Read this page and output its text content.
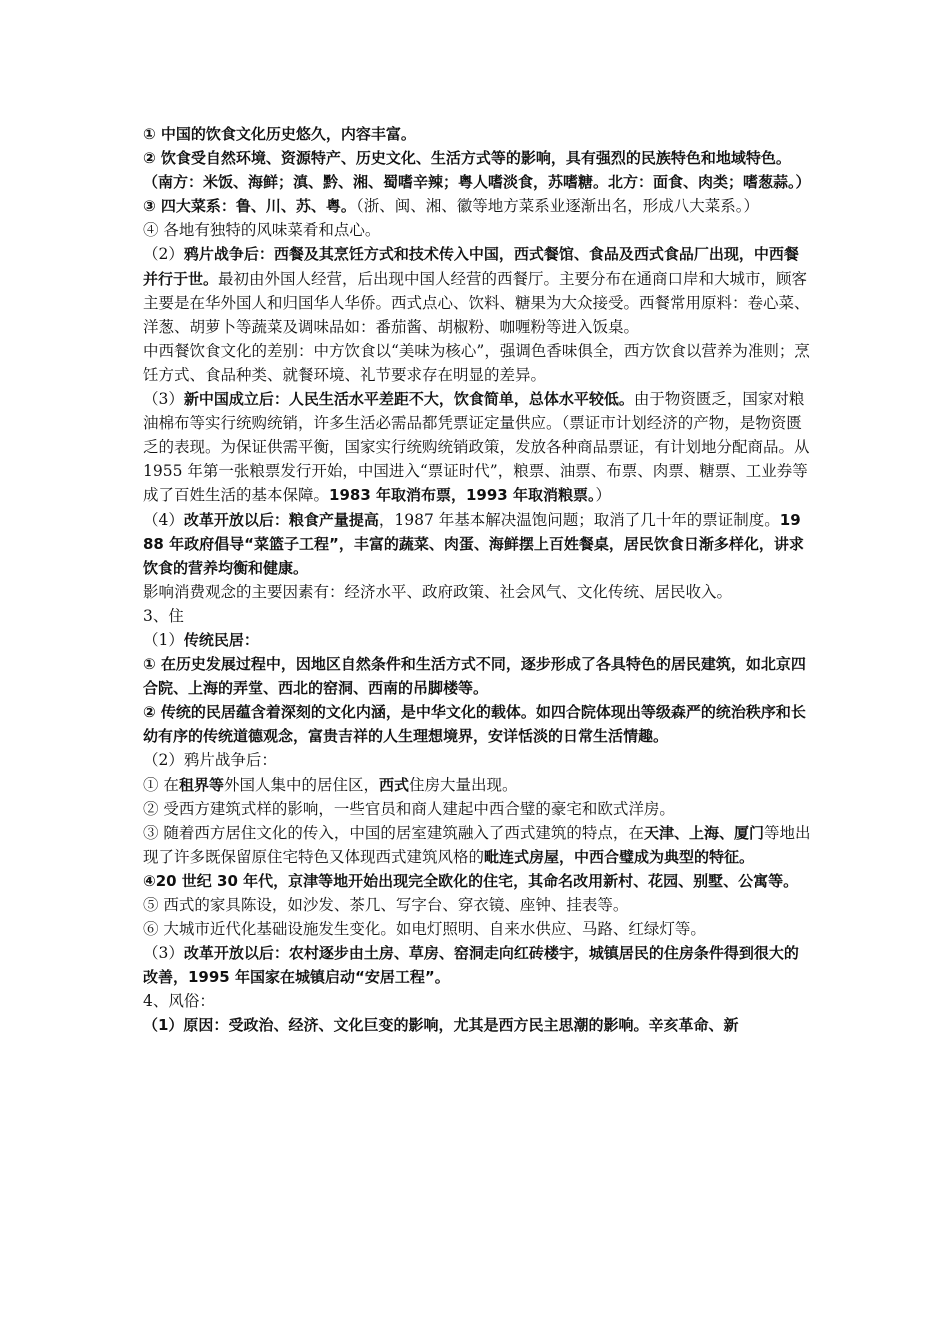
① 中国的饮食文化历史悠久，内容丰富。

② 饮食受自然环境、资源特产、历史文化、生活方式等的影响，具有强烈的民族特色和地域特色。（南方：米饭、海鲜；滇、黔、湘、蜀嗜辛辣；粤人嗜淡食，苏嗜糖。北方：面食、肉类；嗜葱蒜。）

③ 四大菜系：鲁、川、苏、粤。（浙、闽、湘、徽等地方菜系业逐渐出名，形成八大菜系。）

④ 各地有独特的风味菜肴和点心。

（2）鸦片战争后：西餐及其烹饪方式和技术传入中国，西式餐馆、食品及西式食品厂出现，中西餐并行于世。最初由外国人经营，后出现中国人经营的西餐厅。主要分布在通商口岸和大城市，顾客主要是在华外国人和归国华人华侨。西式点心、饮料、糖果为大众接受。西餐常用原料：卷心菜、洋葱、胡萝卜等蔬菜及调味品如：番茄酱、胡椒粉、咖喱粉等进入饭桌。

中西餐饮食文化的差别：中方饮食以“美味为核心”，强调色香味俱全，西方饮食以营养为准则；烹饪方式、食品种类、就餐环境、礼节要求存在明显的差异。

（3）新中国成立后：人民生活水平差距不大，饮食简单，总体水平较低。由于物资匮乏，国家对粮油棉布等实行统购统销，许多生活必需品都凭票证定量供应。（票证市计划经济的产物，是物资匮乏的表现。为保证供需平衡，国家实行统购统销政策，发放各种商品票证，有计划地分配商品。从 1955 年第一张粮票发行开始，中国进入“票证时代”，粮票、油票、布票、肉票、糖票、工业券等成了百姓生活的基本保障。1983 年取消布票，1993 年取消粮票。）

（4）改革开放以后：粮食产量提高，1987 年基本解决温饱问题；取消了几十年的票证制度。1988 年政府倡导“菜篮子工程”，丰富的蔬菜、肉蛋、海鲜摆上百姓餐桌，居民饮食日渐多样化，讲求饮食的营养均衡和健康。

影响消费观念的主要因素有：经济水平、政府政策、社会风气、文化传统、居民收入。

3、住

（1）传统民居：

① 在历史发展过程中，因地区自然条件和生活方式不同，逐步形成了各具特色的居民建筑，如北京四合院、上海的弄堂、西北的窑洞、西南的吊脚楼等。

② 传统的民居蕴含着深刻的文化内涵，是中华文化的载体。如四合院体现出等级森严的统治秩序和长幼有序的传统道德观念，富贵吉祥的人生理想境界，安详恬淡的日常生活情趣。

（2）鸦片战争后：

① 在租界等外国人集中的居住区，西式住房大量出现。

② 受西方建筑式样的影响，一些官员和商人建起中西合璧的豪宅和欧式洋房。

③ 随着西方居住文化的传入，中国的居室建筑融入了西式建筑的特点，在天津、上海、厦门等地出现了许多既保留原住宅特色又体现西式建筑风格的毗连式房屋，中西合璧成为典型的特征。

④20 世纪 30 年代，京津等地开始出现完全欧化的住宅，其命名改用新村、花园、别墅、公寓等。

⑤ 西式的家具陈设，如沙发、茶几、写字台、穿衣镜、座钟、挂表等。

⑥ 大城市近代化基础设施发生变化。如电灯照明、自来水供应、马路、红绿灯等。

（3）改革开放以后：农村逐步由土房、草房、窑洞走向红砖楼宇，城镇居民的住房条件得到很大的改善，1995 年国家在城镇启动“安居工程”。

4、风俗：

（1）原因：受政治、经济、文化巨变的影响，尤其是西方民主思潮的影响。辛亥革命、新
